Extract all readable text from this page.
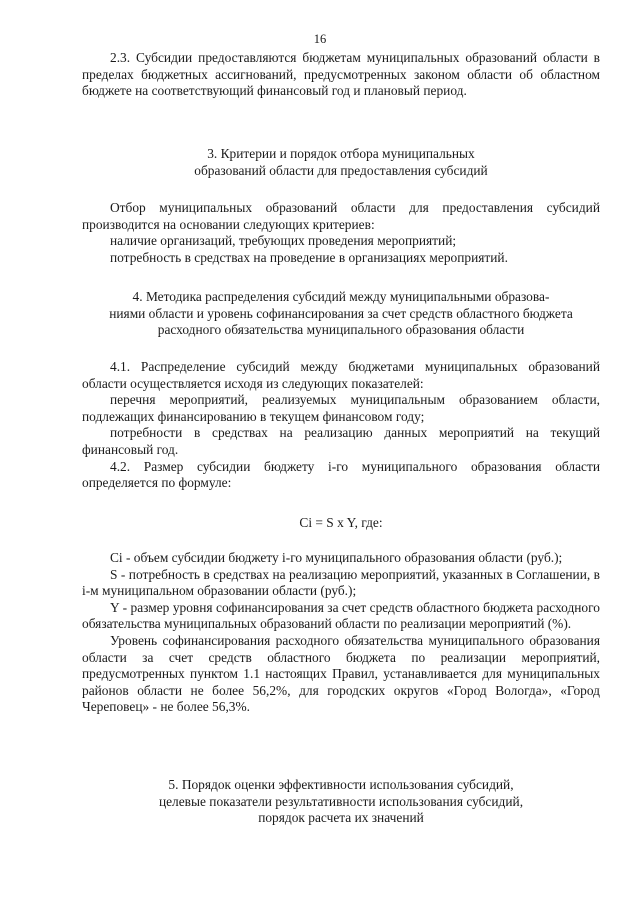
16

2.3. Субсидии предоставляются бюджетам муниципальных образований области в пределах бюджетных ассигнований, предусмотренных законом области об областном бюджете на соответствующий финансовый год и плановый период.

3. Критерии и порядок отбора муниципальных

образований области для предоставления субсидий

Отбор муниципальных образований области для предоставления субсидий производится на основании следующих критериев:

наличие организаций, требующих проведения мероприятий;

потребность в средствах на проведение в организациях мероприятий.

4. Методика распределения субсидий между муниципальными образова-

ниями области и уровень софинансирования за счет средств областного бюджета

расходного обязательства муниципального образования области

4.1. Распределение субсидий между бюджетами муниципальных образований области осуществляется исходя из следующих показателей:

перечня мероприятий, реализуемых муниципальным образованием области, подлежащих финансированию в текущем финансовом году;

потребности в средствах на реализацию данных мероприятий на текущий финансовый год.

4.2. Размер субсидии бюджету i-го муниципального образования области определяется по формуле:

Ci = S x Y, где:

Ci - объем субсидии бюджету i-го муниципального образования области (руб.);

S - потребность в средствах на реализацию мероприятий, указанных в Соглашении, в i-м муниципальном образовании области (руб.);

Y - размер уровня софинансирования за счет средств областного бюджета расходного обязательства муниципальных образований области по реализации мероприятий (%).

Уровень софинансирования расходного обязательства муниципального образования области за счет средств областного бюджета по реализации мероприятий, предусмотренных пунктом 1.1 настоящих Правил, устанавливается для муниципальных районов области не более 56,2%, для городских округов «Город Вологда», «Город Череповец» - не более 56,3%.

5. Порядок оценки эффективности использования субсидий,

целевые показатели результативности использования субсидий,

порядок расчета их значений
